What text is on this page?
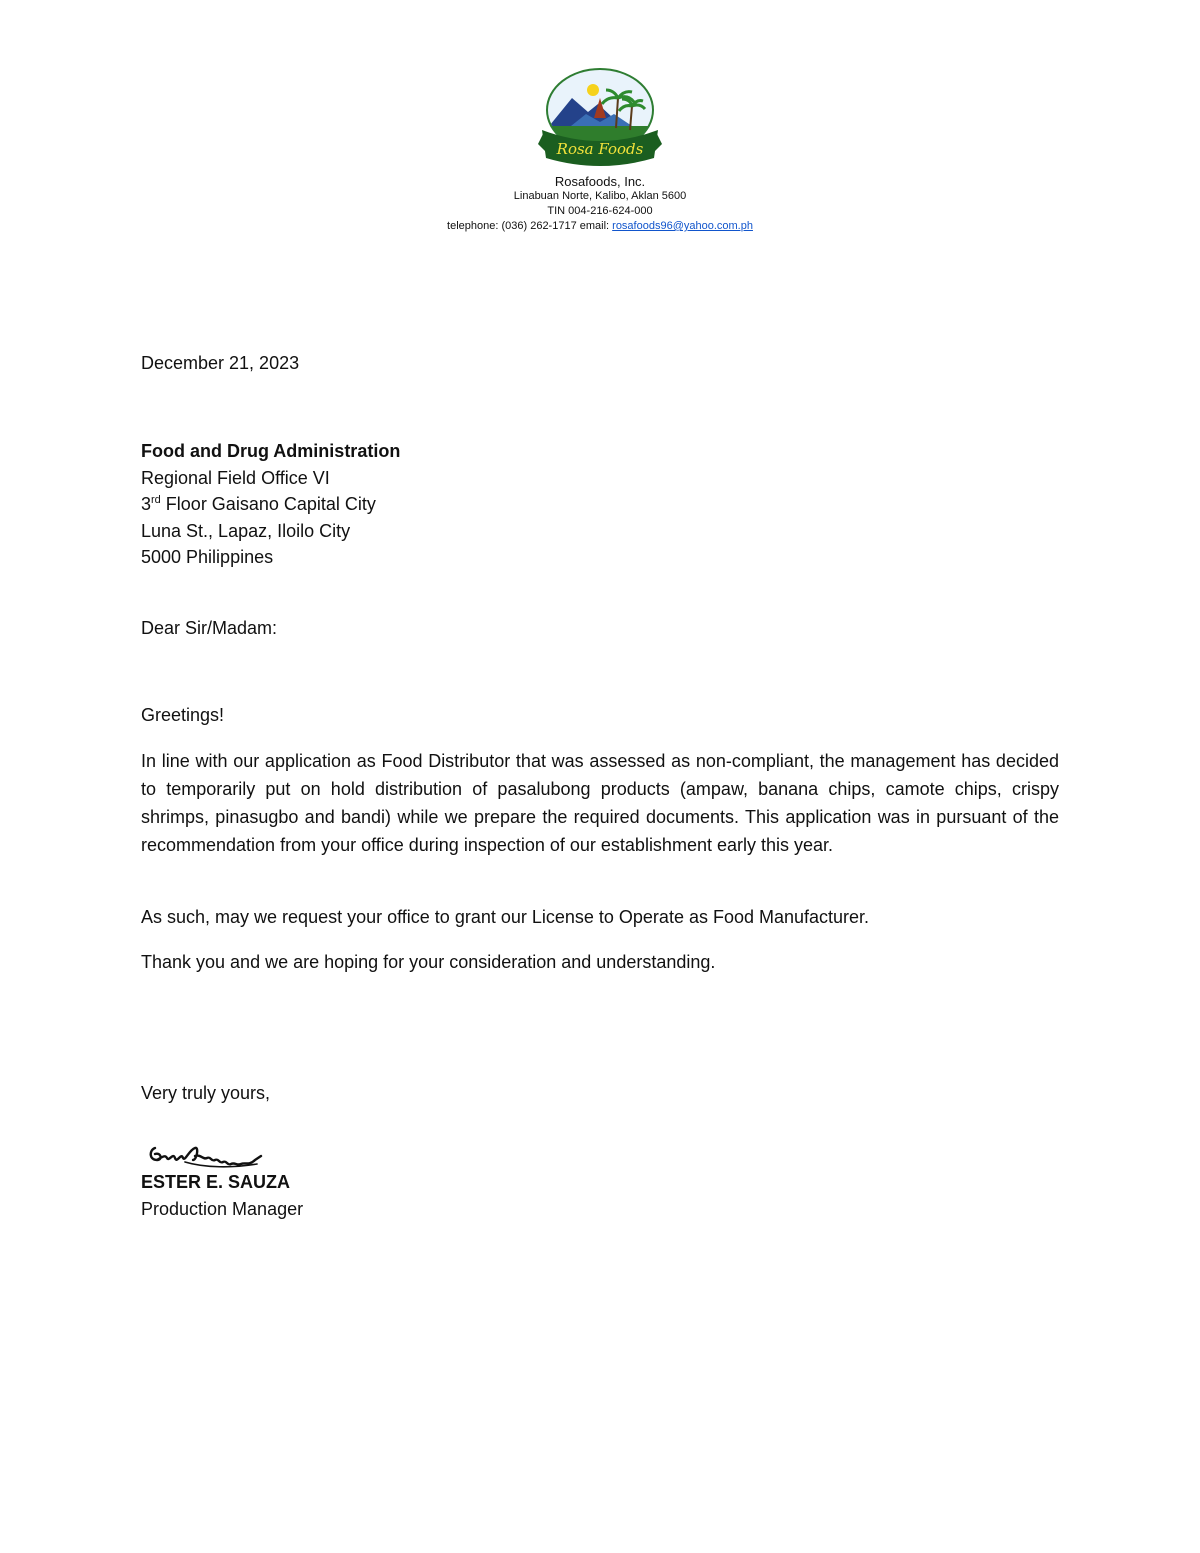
Rosa Foods
Rosafoods, Inc.
Linabuan Norte, Kalibo, Aklan 5600
TIN 004-216-624-000
telephone: (036) 262-1717 email: rosafoods96@yahoo.com.ph
December 21, 2023
Food and Drug Administration
Regional Field Office VI
3rd Floor Gaisano Capital City
Luna St., Lapaz, Iloilo City
5000 Philippines
Dear Sir/Madam:
Greetings!

In line with our application as Food Distributor that was assessed as non-compliant, the management has decided to temporarily put on hold distribution of pasalubong products (ampaw, banana chips, camote chips, crispy shrimps, pinasugbo and bandi) while we prepare the required documents. This application was in pursuant of the recommendation from your office during inspection of our establishment early this year.

As such, may we request your office to grant our License to Operate as Food Manufacturer.

Thank you and we are hoping for your consideration and understanding.

Very truly yours,
ESTER E. SAUZA
Production Manager
